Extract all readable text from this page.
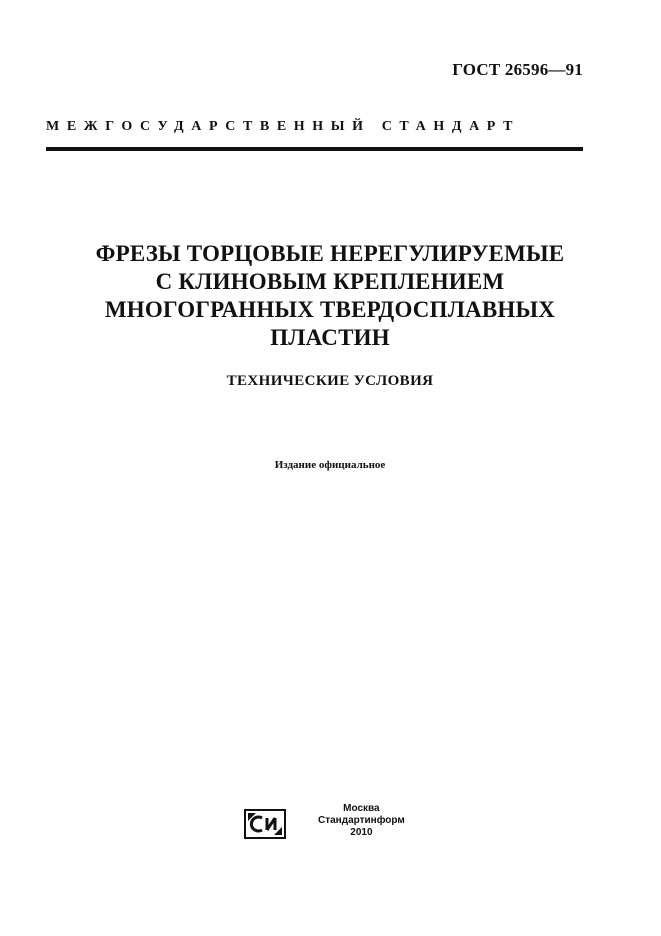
ГОСТ 26596—91
МЕЖГОСУДАРСТВЕННЫЙ СТАНДАРТ
ФРЕЗЫ ТОРЦОВЫЕ НЕРЕГУЛИРУЕМЫЕ
С КЛИНОВЫМ КРЕПЛЕНИЕМ
МНОГОГРАННЫХ ТВЕРДОСПЛАВНЫХ
ПЛАСТИН
ТЕХНИЧЕСКИЕ УСЛОВИЯ
Издание официальное
Москва
Стандартинформ
2010
